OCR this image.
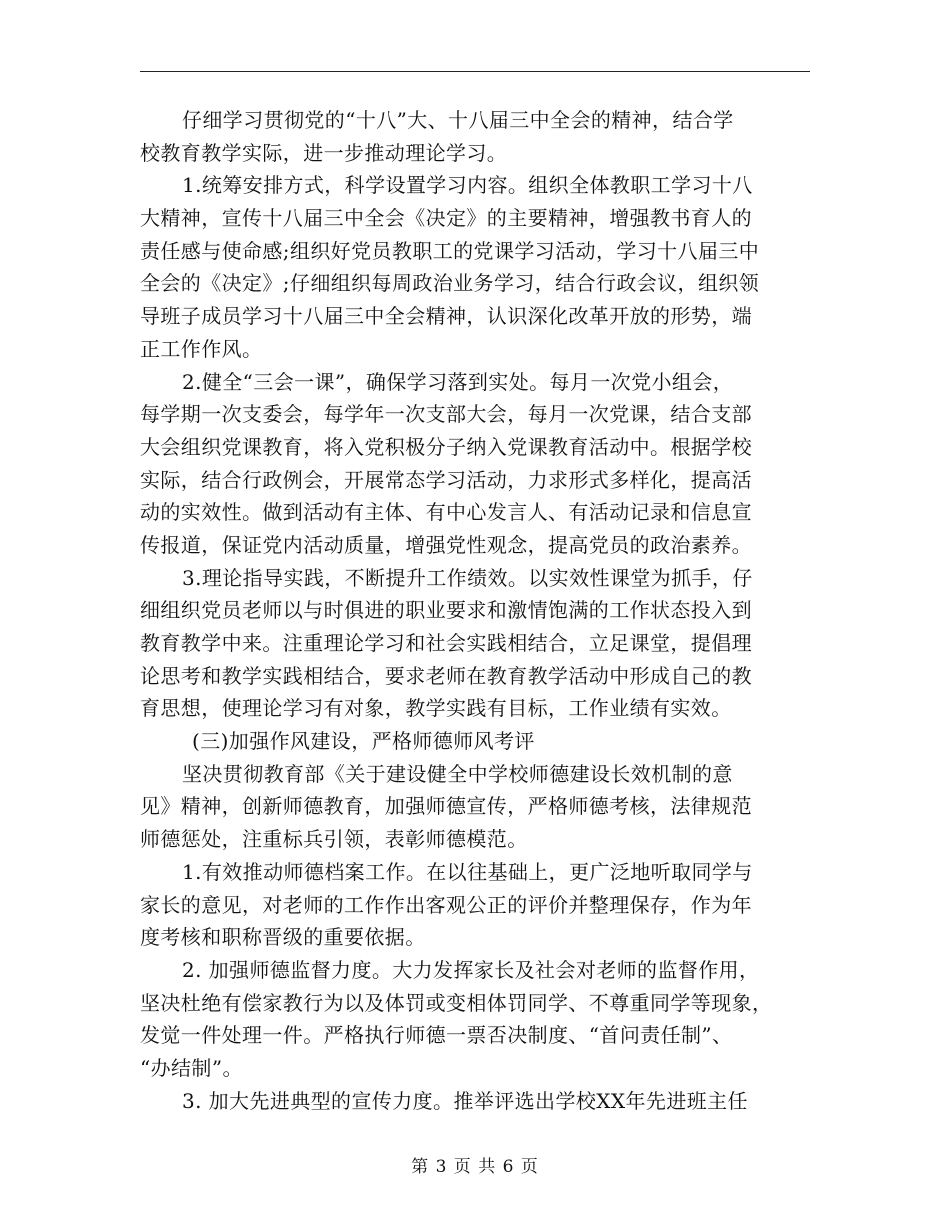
仔细学习贯彻党的“十八”大、十八届三中全会的精神，结合学
校教育教学实际，进一步推动理论学习。
1.统筹安排方式，科学设置学习内容。组织全体教职工学习十八
大精神，宣传十八届三中全会《决定》的主要精神，增强教书育人的
责任感与使命感;组织好党员教职工的党课学习活动，学习十八届三中
全会的《决定》;仔细组织每周政治业务学习，结合行政会议，组织领
导班子成员学习十八届三中全会精神，认识深化改革开放的形势，端
正工作作风。
2.健全“三会一课”，确保学习落到实处。每月一次党小组会，
每学期一次支委会，每学年一次支部大会，每月一次党课，结合支部
大会组织党课教育，将入党积极分子纳入党课教育活动中。根据学校
实际，结合行政例会，开展常态学习活动，力求形式多样化，提高活
动的实效性。做到活动有主体、有中心发言人、有活动记录和信息宣
传报道，保证党内活动质量，增强党性观念，提高党员的政治素养。
3.理论指导实践，不断提升工作绩效。以实效性课堂为抓手，仔
细组织党员老师以与时俱进的职业要求和激情饱满的工作状态投入到
教育教学中来。注重理论学习和社会实践相结合，立足课堂，提倡理
论思考和教学实践相结合，要求老师在教育教学活动中形成自己的教
育思想，使理论学习有对象，教学实践有目标，工作业绩有实效。
(三)加强作风建设，严格师德师风考评
坚决贯彻教育部《关于建设健全中学校师德建设长效机制的意
见》精神，创新师德教育，加强师德宣传，严格师德考核，法律规范
师德惩处，注重标兵引领，表彰师德模范。
1.有效推动师德档案工作。在以往基础上，更广泛地听取同学与
家长的意见，对老师的工作作出客观公正的评价并整理保存，作为年
度考核和职称晋级的重要依据。
2. 加强师德监督力度。大力发挥家长及社会对老师的监督作用，
坚决杜绝有偿家教行为以及体罚或变相体罚同学、不尊重同学等现象，
发觉一件处理一件。严格执行师德一票否决制度、“首问责任制”、
“办结制”。
3. 加大先进典型的宣传力度。推举评选出学校XX年先进班主任
第 3 页 共 6 页
